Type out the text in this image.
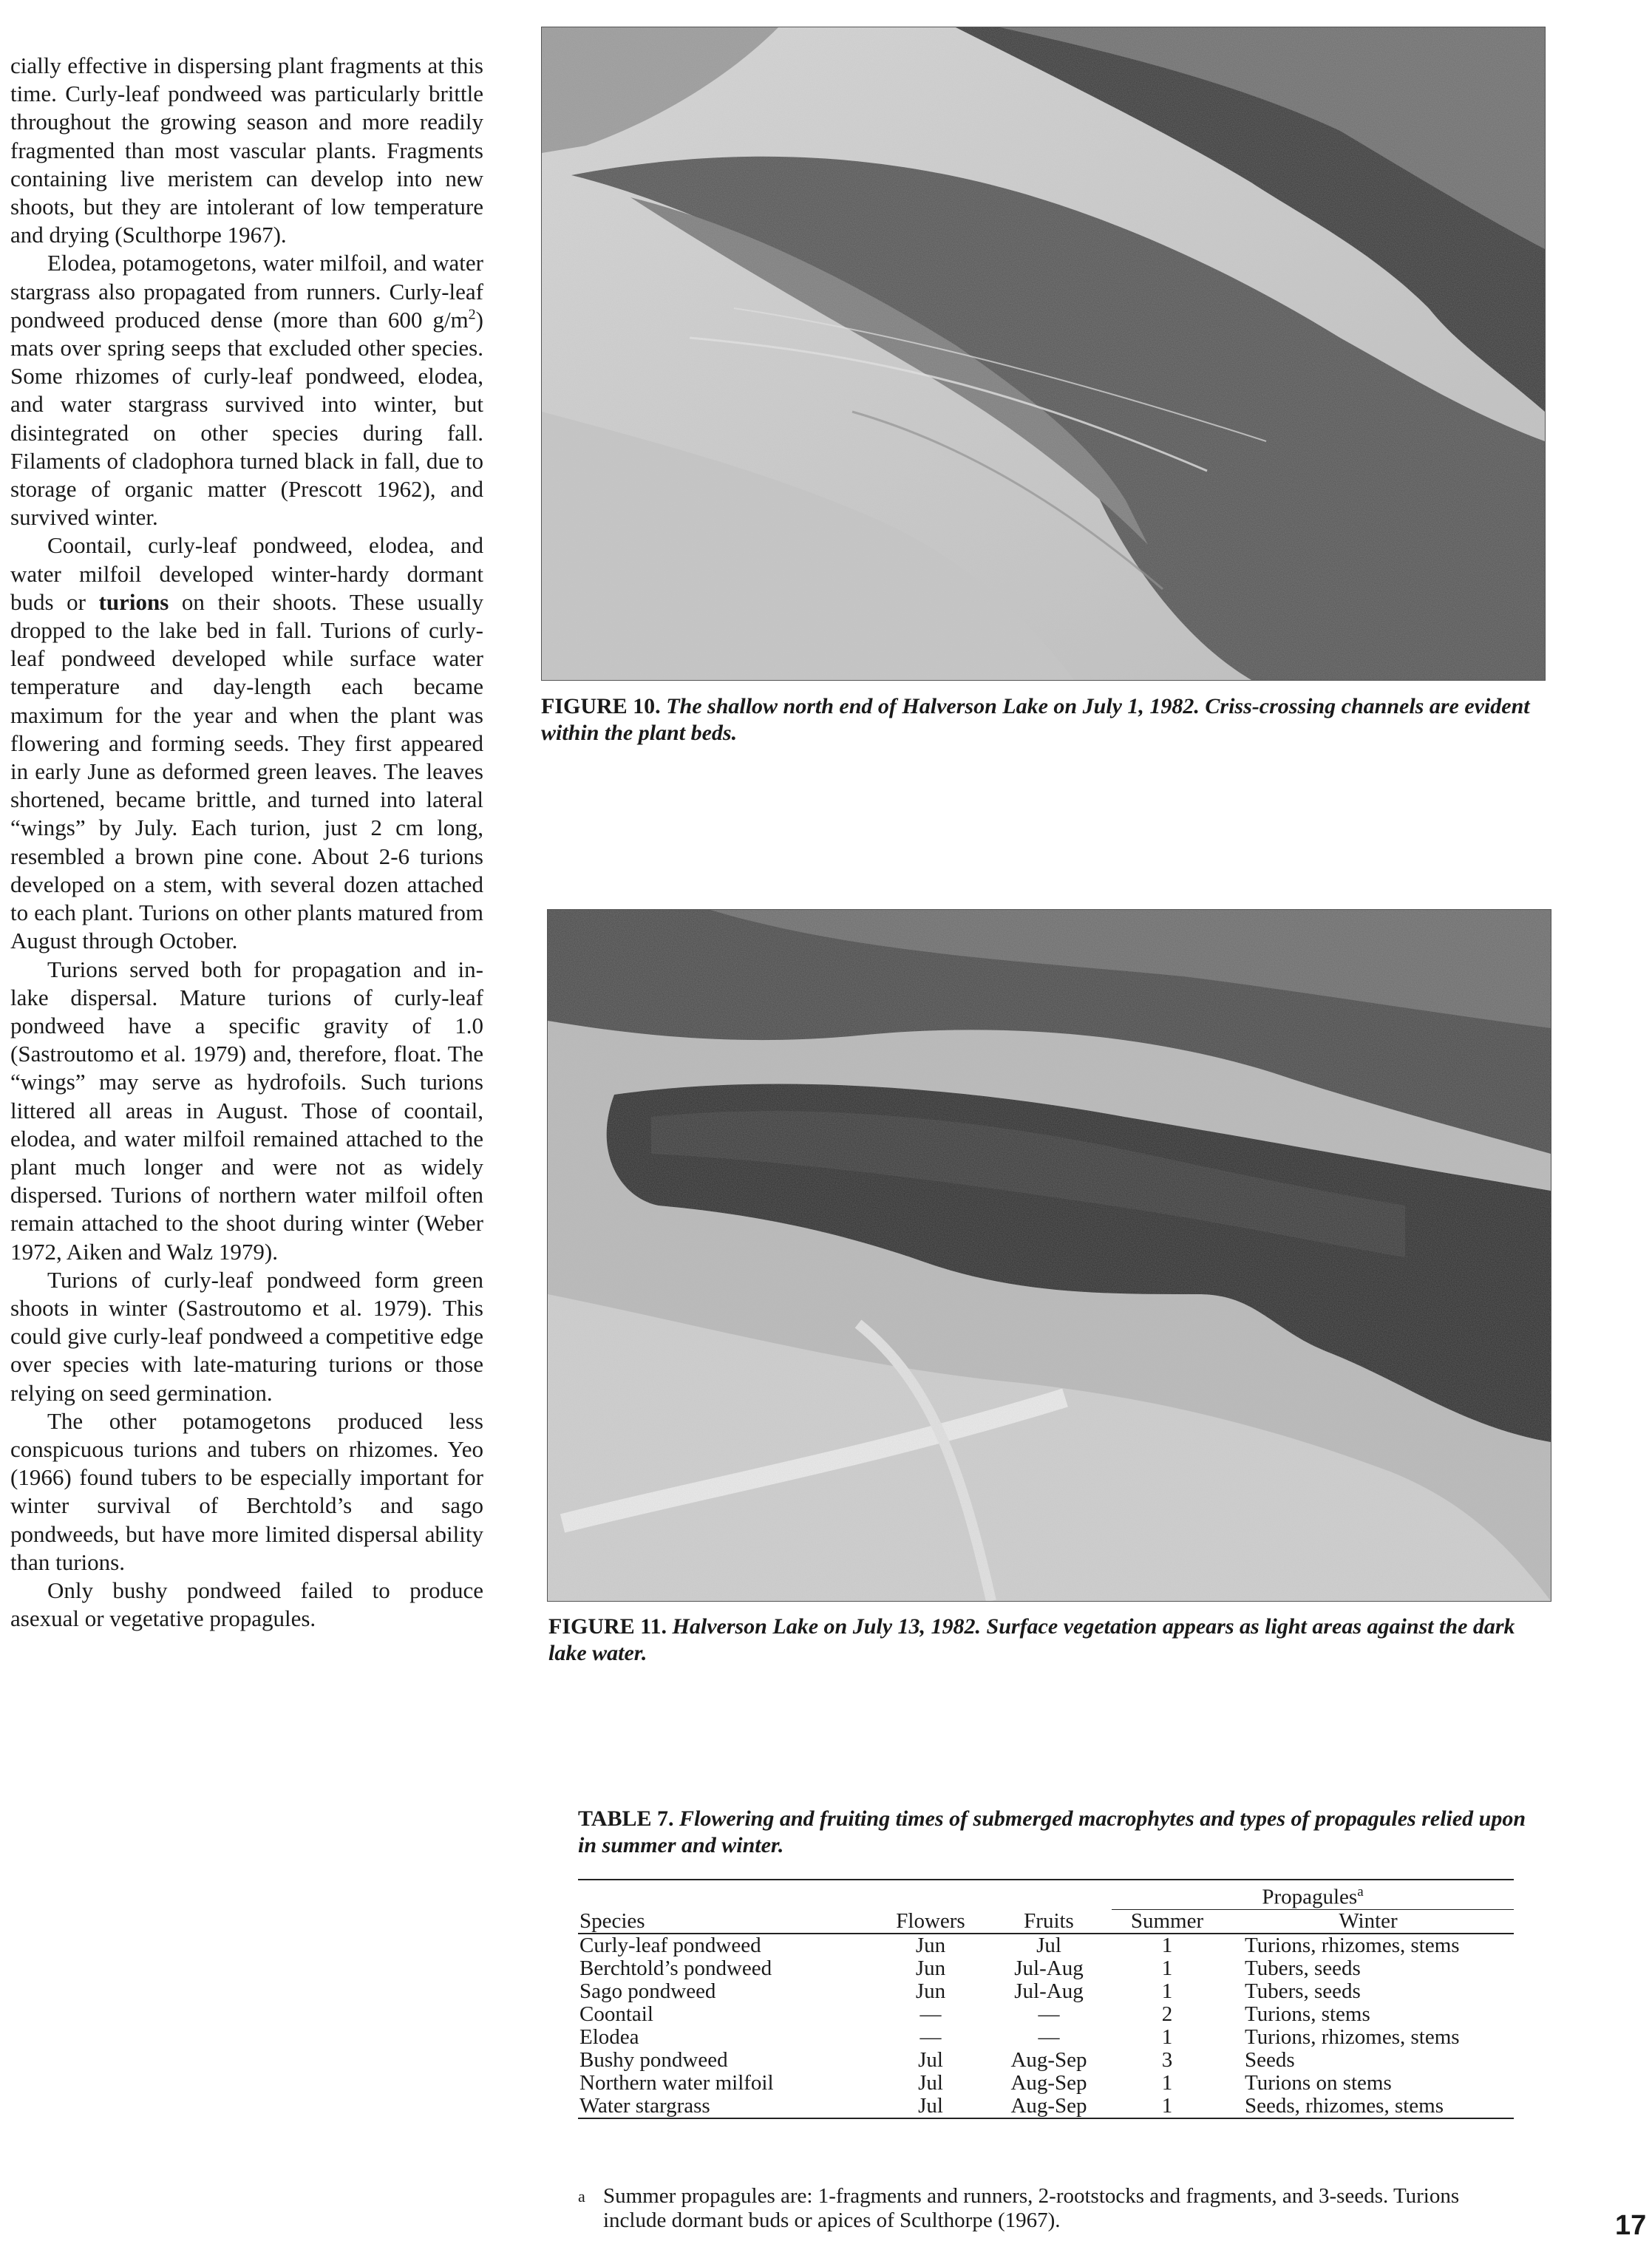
cially effective in dispersing plant fragments at this time. Curly-leaf pondweed was particularly brittle throughout the growing season and more readily fragmented than most vascular plants. Fragments containing live meristem can develop into new shoots, but they are intolerant of low temperature and drying (Sculthorpe 1967).

Elodea, potamogetons, water milfoil, and water stargrass also propagated from runners. Curly-leaf pondweed produced dense (more than 600 $g/m^2$) mats over spring seeps that excluded other species. Some rhizomes of curly-leaf pondweed, elodea, and water stargrass survived into winter, but disintegrated on other species during fall. Filaments of cladophora turned black in fall, due to storage of organic matter (Prescott 1962), and survived winter.

Coontail, curly-leaf pondweed, elodea, and water milfoil developed winter-hardy dormant buds or turions on their shoots. These usually dropped to the lake bed in fall. Turions of curly-leaf pondweed developed while surface water temperature and day-length each became maximum for the year and when the plant was flowering and forming seeds. They first appeared in early June as deformed green leaves. The leaves shortened, became brittle, and turned into lateral “wings” by July. Each turion, just 2 cm long, resembled a brown pine cone. About 2-6 turions developed on a stem, with several dozen attached to each plant. Turions on other plants matured from August through October.

Turions served both for propagation and in-lake dispersal. Mature turions of curly-leaf pondweed have a specific gravity of 1.0 (Sastroutomo et al. 1979) and, therefore, float. The “wings” may serve as hydrofoils. Such turions littered all areas in August. Those of coontail, elodea, and water milfoil remained attached to the plant much longer and were not as widely dispersed. Turions of northern water milfoil often remain attached to the shoot during winter (Weber 1972, Aiken and Walz 1979).

Turions of curly-leaf pondweed form green shoots in winter (Sastroutomo et al. 1979). This could give curly-leaf pondweed a competitive edge over species with late-maturing turions or those relying on seed germination.

The other potamogetons produced less conspicuous turions and tubers on rhizomes. Yeo (1966) found tubers to be especially important for winter survival of Berchtold’s and sago pondweeds, but have more limited dispersal ability than turions.

Only bushy pondweed failed to produce asexual or vegetative propagules.

FIGURE 10. The shallow north end of Halverson Lake on July 1, 1982. Criss-crossing channels are evident within the plant beds.
FIGURE 11. Halverson Lake on July 13, 1982. Surface vegetation appears as light areas against the dark lake water.
TABLE 7. Flowering and fruiting times of submerged macrophytes and types of propagules relied upon in summer and winter.
			Propagules$^a$
Species	Flowers	Fruits	Summer	Winter
Curly-leaf pondweed	Jun	Jul	1	Turions, rhizomes, stems
Berchtold’s pondweed	Jun	Jul-Aug	1	Tubers, seeds
Sago pondweed	Jun	Jul-Aug	1	Tubers, seeds
Coontail	—	—	2	Turions, stems
Elodea	—	—	1	Turions, rhizomes, stems
Bushy pondweed	Jul	Aug-Sep	3	Seeds
Northern water milfoil	Jul	Aug-Sep	1	Turions on stems
Water stargrass	Jul	Aug-Sep	1	Seeds, rhizomes, stems
a Summer propagules are: 1-fragments and runners, 2-rootstocks and fragments, and 3-seeds. Turions include dormant buds or apices of Sculthorpe (1967).	17
